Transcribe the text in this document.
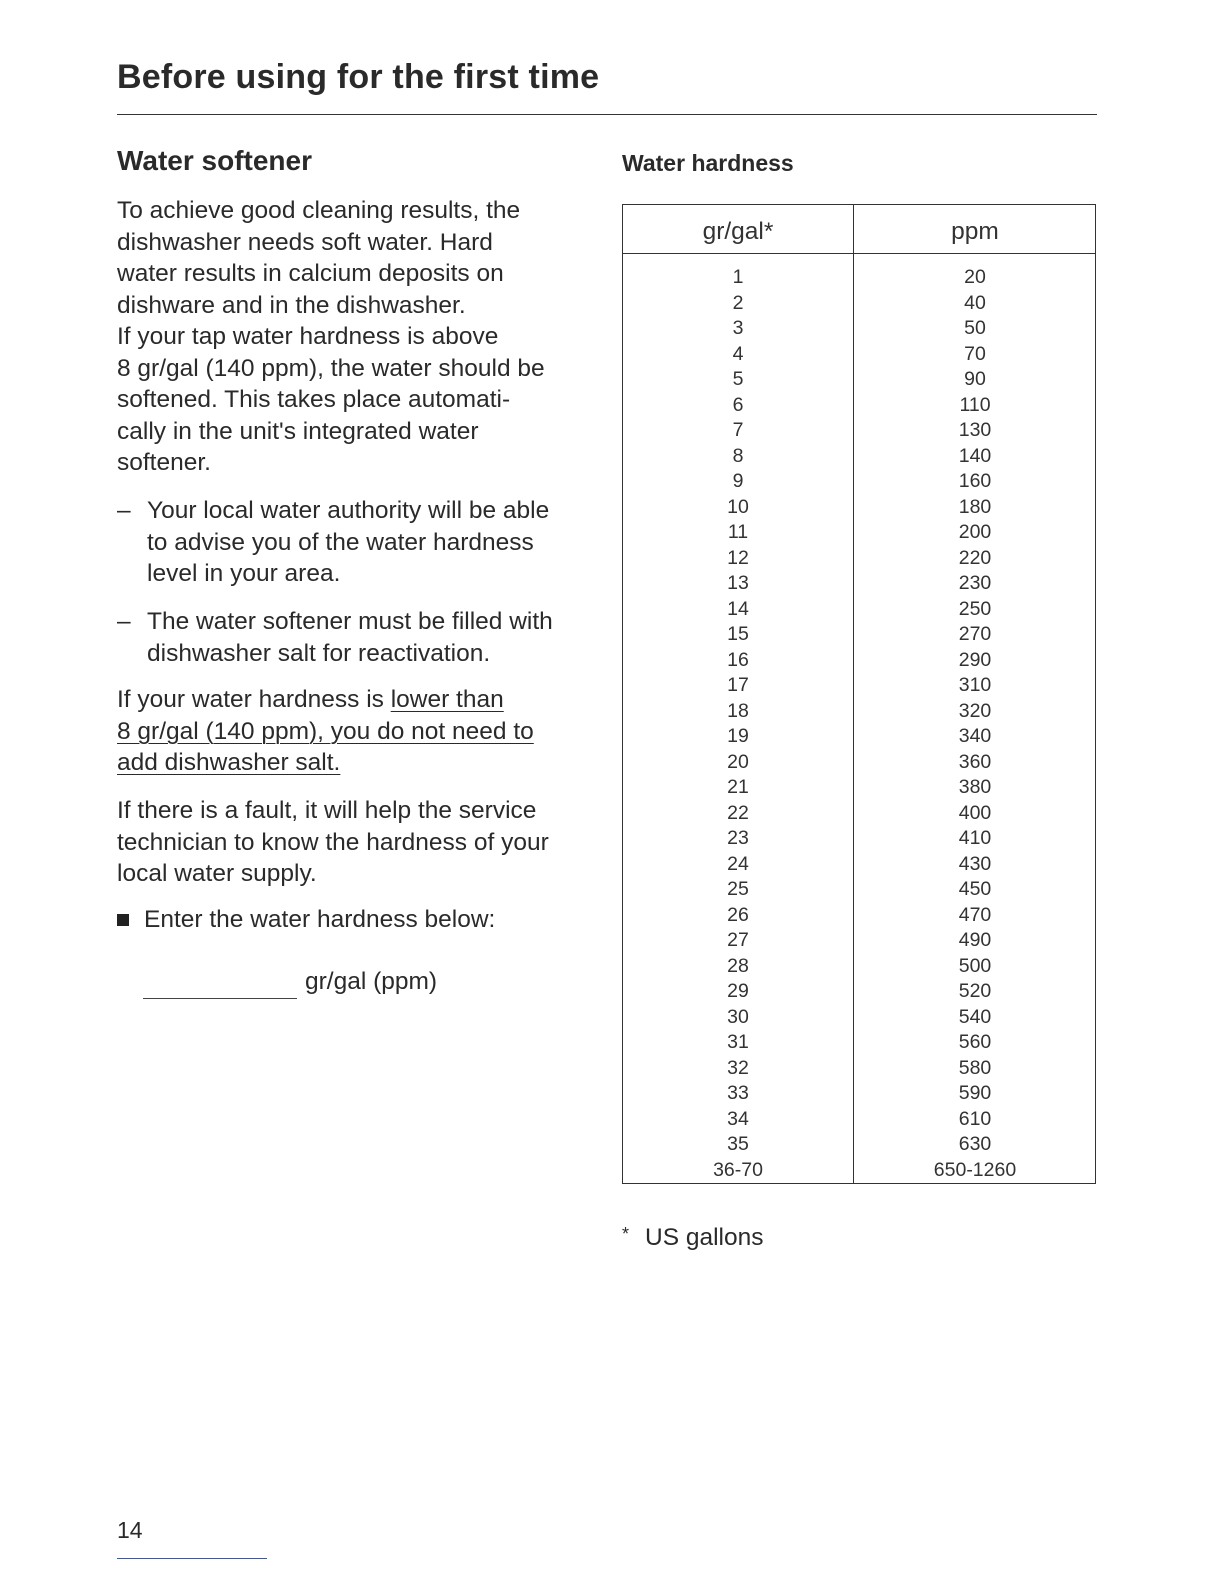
Before using for the first time
Water softener
To achieve good cleaning results, the
dishwasher needs soft water. Hard
water results in calcium deposits on
dishware and in the dishwasher.
If your tap water hardness is above
8 gr/gal (140 ppm), the water should be
softened. This takes place automati-
cally in the unit's integrated water
softener.
– Your local water authority will be able
to advise you of the water hardness
level in your area.
– The water softener must be filled with
dishwasher salt for reactivation.
If your water hardness is lower than
8 gr/gal (140 ppm), you do not need to
add dishwasher salt.
If there is a fault, it will help the service
technician to know the hardness of your
local water supply.
Enter the water hardness below:
gr/gal (ppm)
Water hardness
gr/gal*	ppm
1
2
3
4
5
6
7
8
9
10
11
12
13
14
15
16
17
18
19
20
21
22
23
24
25
26
27
28
29
30
31
32
33
34
35
36-70
20
40
50
70
90
110
130
140
160
180
200
220
230
250
270
290
310
320
340
360
380
400
410
430
450
470
490
500
520
540
560
580
590
610
630
650-1260
* US gallons
14
